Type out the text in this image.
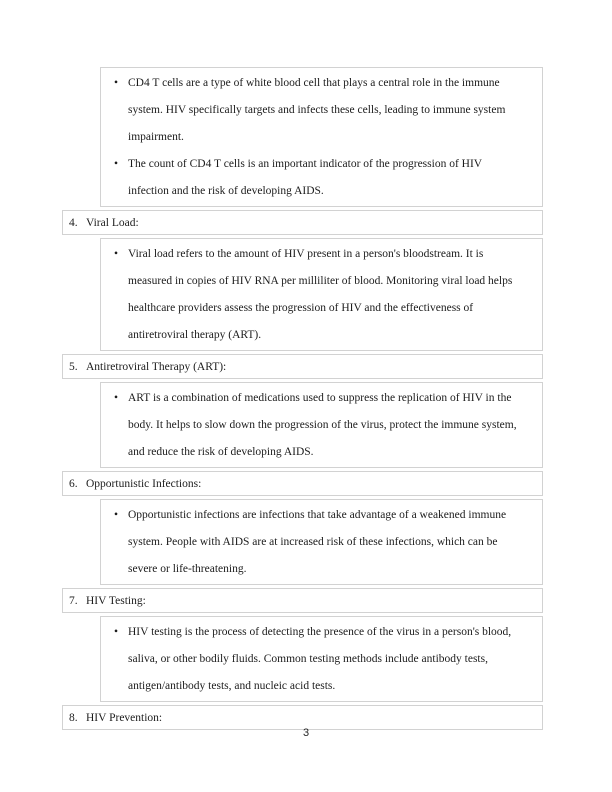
• CD4 T cells are a type of white blood cell that plays a central role in the immune
system. HIV specifically targets and infects these cells, leading to immune system
impairment.
• The count of CD4 T cells is an important indicator of the progression of HIV
infection and the risk of developing AIDS.
4. Viral Load:
• Viral load refers to the amount of HIV present in a person's bloodstream. It is
measured in copies of HIV RNA per milliliter of blood. Monitoring viral load helps
healthcare providers assess the progression of HIV and the effectiveness of
antiretroviral therapy (ART).
5. Antiretroviral Therapy (ART):
• ART is a combination of medications used to suppress the replication of HIV in the
body. It helps to slow down the progression of the virus, protect the immune system,
and reduce the risk of developing AIDS.
6. Opportunistic Infections:
• Opportunistic infections are infections that take advantage of a weakened immune
system. People with AIDS are at increased risk of these infections, which can be
severe or life-threatening.
7. HIV Testing:
• HIV testing is the process of detecting the presence of the virus in a person's blood,
saliva, or other bodily fluids. Common testing methods include antibody tests,
antigen/antibody tests, and nucleic acid tests.
8. HIV Prevention:
3
